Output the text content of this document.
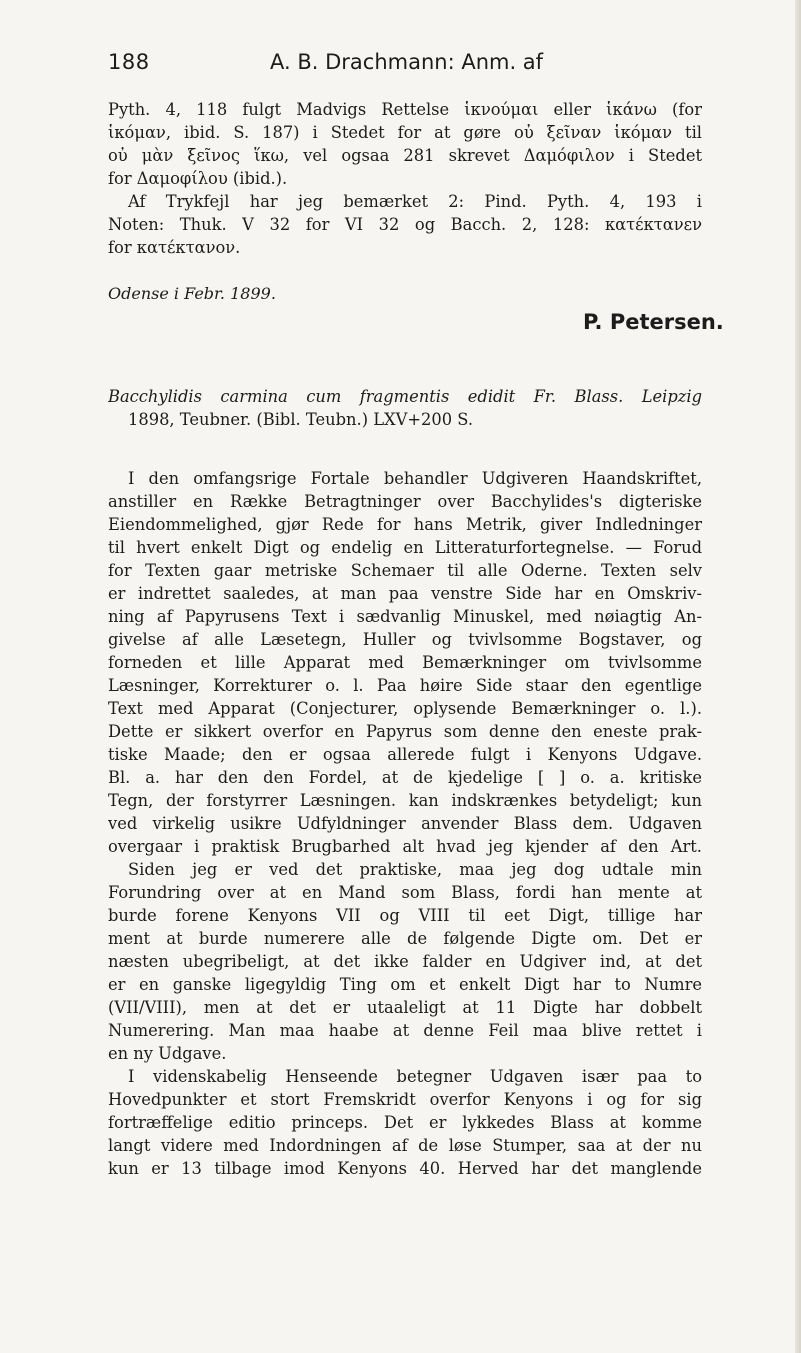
188	A. B. Drachmann: Anm. af
Pyth. 4, 118 fulgt Madvigs Rettelse ἱκνούμαι eller ἱκάνω (for
ἱκόμαν, ibid. S. 187) i Stedet for at gøre οὐ ξεῖναν ἱκόμαν til
οὐ μὰν ξεῖνος ἵκω, vel ogsaa 281 skrevet Δαμόφιλον i Stedet
for Δαμοφίλου (ibid.).
Af Trykfejl har jeg bemærket 2: Pind. Pyth. 4, 193 i
Noten: Thuk. V 32 for VI 32 og Bacch. 2, 128: κατέκτανεν
for κατέκτανον.
Odense i Febr. 1899.
P. Petersen.
Bacchylidis carmina cum fragmentis edidit Fr. Blass. Leipzig
1898, Teubner. (Bibl. Teubn.) LXV+200 S.
I den omfangsrige Fortale behandler Udgiveren Haandskriftet,
anstiller en Række Betragtninger over Bacchylides's digteriske
Eiendommelighed, gjør Rede for hans Metrik, giver Indledninger
til hvert enkelt Digt og endelig en Litteraturfortegnelse. — Forud
for Texten gaar metriske Schemaer til alle Oderne. Texten selv
er indrettet saaledes, at man paa venstre Side har en Omskriv-
ning af Papyrusens Text i sædvanlig Minuskel, med nøiagtig An-
givelse af alle Læsetegn, Huller og tvivlsomme Bogstaver, og
forneden et lille Apparat med Bemærkninger om tvivlsomme
Læsninger, Korrekturer o. l. Paa høire Side staar den egentlige
Text med Apparat (Conjecturer, oplysende Bemærkninger o. l.).
Dette er sikkert overfor en Papyrus som denne den eneste prak-
tiske Maade; den er ogsaa allerede fulgt i Kenyons Udgave.
Bl. a. har den den Fordel, at de kjedelige [ ] o. a. kritiske
Tegn, der forstyrrer Læsningen. kan indskrænkes betydeligt; kun
ved virkelig usikre Udfyldninger anvender Blass dem. Udgaven
overgaar i praktisk Brugbarhed alt hvad jeg kjender af den Art.
Siden jeg er ved det praktiske, maa jeg dog udtale min
Forundring over at en Mand som Blass, fordi han mente at
burde forene Kenyons VII og VIII til eet Digt, tillige har
ment at burde numerere alle de følgende Digte om. Det er
næsten ubegribeligt, at det ikke falder en Udgiver ind, at det
er en ganske ligegyldig Ting om et enkelt Digt har to Numre
(VII/VIII), men at det er utaaleligt at 11 Digte har dobbelt
Numerering. Man maa haabe at denne Feil maa blive rettet i
en ny Udgave.
I videnskabelig Henseende betegner Udgaven især paa to
Hovedpunkter et stort Fremskridt overfor Kenyons i og for sig
fortræffelige editio princeps. Det er lykkedes Blass at komme
langt videre med Indordningen af de løse Stumper, saa at der nu
kun er 13 tilbage imod Kenyons 40. Herved har det manglende
